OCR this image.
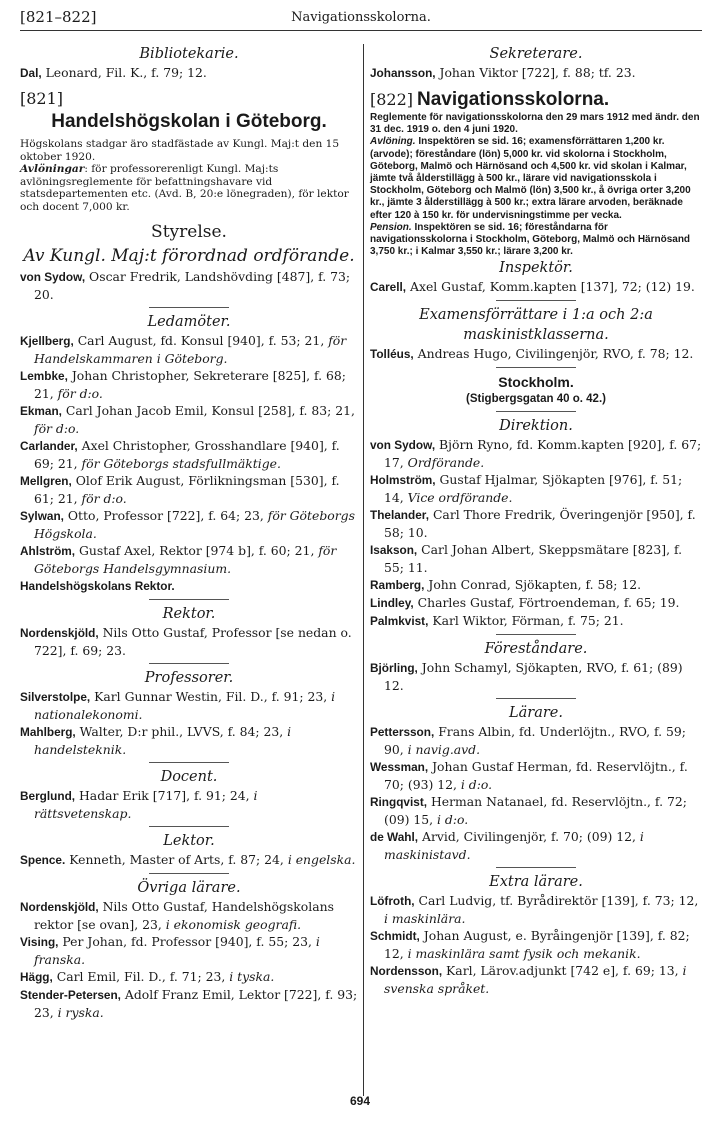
[821–822]	Navigationsskolorna.

Bibliotekarie.

Dal, Leonard, Fil. K., f. 79; 12.

[821]
Handelshögskolan i Göteborg.

Högskolans stadgar äro stadfästade av Kungl. Maj:t den 15 oktober 1920.

Avlöningar: för professorerenligt Kungl. Maj:ts avlöningsreglemente för befattningshavare vid statsdepartementen etc. (Avd. B, 20:e lönegraden), för lektor och docent 7,000 kr.

Styrelse.

Av Kungl. Maj:t förordnad ordförande.

von Sydow, Oscar Fredrik, Landshövding [487], f. 73; 20.

Ledamöter.

Kjellberg, Carl August, fd. Konsul [940], f. 53; 21, för Handelskammaren i Göteborg.

Lembke, Johan Christopher, Sekreterare [825], f. 68; 21, för d:o.

Ekman, Carl Johan Jacob Emil, Konsul [258], f. 83; 21, för d:o.

Carlander, Axel Christopher, Grosshandlare [940], f. 69; 21, för Göteborgs stadsfullmäktige.

Mellgren, Olof Erik August, Förlikningsman [530], f. 61; 21, för d:o.

Sylwan, Otto, Professor [722], f. 64; 23, för Göteborgs Högskola.

Ahlström, Gustaf Axel, Rektor [974 b], f. 60; 21, för Göteborgs Handelsgymnasium.

Handelshögskolans Rektor.

Rektor.

Nordenskjöld, Nils Otto Gustaf, Professor [se nedan o. 722], f. 69; 23.

Professorer.

Silverstolpe, Karl Gunnar Westin, Fil. D., f. 91; 23, i nationalekonomi.

Mahlberg, Walter, D:r phil., LVVS, f. 84; 23, i handelsteknik.

Docent.

Berglund, Hadar Erik [717], f. 91; 24, i rättsvetenskap.

Lektor.

Spence. Kenneth, Master of Arts, f. 87; 24, i engelska.

Övriga lärare.

Nordenskjöld, Nils Otto Gustaf, Handelshögskolans rektor [se ovan], 23, i ekonomisk geografi.

Vising, Per Johan, fd. Professor [940], f. 55; 23, i franska.

Hägg, Carl Emil, Fil. D., f. 71; 23, i tyska.

Stender-Petersen, Adolf Franz Emil, Lektor [722], f. 93; 23, i ryska.

Sekreterare.

Johansson, Johan Viktor [722], f. 88; tf. 23.

[822] Navigationsskolorna.

Reglemente för navigationsskolorna den 29 mars 1912 med ändr. den 31 dec. 1919 o. den 4 juni 1920.

Avlöning. Inspektören se sid. 16; examensförrättaren 1,200 kr. (arvode); föreståndare (lön) 5,000 kr. vid skolorna i Stockholm, Göteborg, Malmö och Härnösand och 4,500 kr. vid skolan i Kalmar, jämte två ålderstillägg à 500 kr., lärare vid navigationsskola i Stockholm, Göteborg och Malmö (lön) 3,500 kr., å övriga orter 3,200 kr., jämte 3 ålderstillägg à 500 kr.; extra lärare arvoden, beräknade efter 120 à 150 kr. för undervisningstimme per vecka.

Pension. Inspektören se sid. 16; föreståndarna för navigationsskolorna i Stockholm, Göteborg, Malmö och Härnösand 3,750 kr.; i Kalmar 3,550 kr.; lärare 3,200 kr.

Inspektör.

Carell, Axel Gustaf, Komm.kapten [137], 72; (12) 19.

Examensförrättare i 1:a och 2:a maskinistklasserna.

Tolléus, Andreas Hugo, Civilingenjör, RVO, f. 78; 12.

Stockholm.

(Stigbergsgatan 40 o. 42.)

Direktion.

von Sydow, Björn Ryno, fd. Komm.kapten [920], f. 67; 17, Ordförande.

Holmström, Gustaf Hjalmar, Sjökapten [976], f. 51; 14, Vice ordförande.

Thelander, Carl Thore Fredrik, Överingenjör [950], f. 58; 10.

Isakson, Carl Johan Albert, Skeppsmätare [823], f. 55; 11.

Ramberg, John Conrad, Sjökapten, f. 58; 12.

Lindley, Charles Gustaf, Förtroendeman, f. 65; 19.

Palmkvist, Karl Wiktor, Förman, f. 75; 21.

Föreståndare.

Björling, John Schamyl, Sjökapten, RVO, f. 61; (89) 12.

Lärare.

Pettersson, Frans Albin, fd. Underlöjtn., RVO, f. 59; 90, i navig.avd.

Wessman, Johan Gustaf Herman, fd. Reservlöjtn., f. 70; (93) 12, i d:o.

Ringqvist, Herman Natanael, fd. Reservlöjtn., f. 72; (09) 15, i d:o.

de Wahl, Arvid, Civilingenjör, f. 70; (09) 12, i maskinistavd.

Extra lärare.

Löfroth, Carl Ludvig, tf. Byrådirektör [139], f. 73; 12, i maskinlära.

Schmidt, Johan August, e. Byråingenjör [139], f. 82; 12, i maskinlära samt fysik och mekanik.

Nordensson, Karl, Lärov.adjunkt [742 e], f. 69; 13, i svenska språket.

694
